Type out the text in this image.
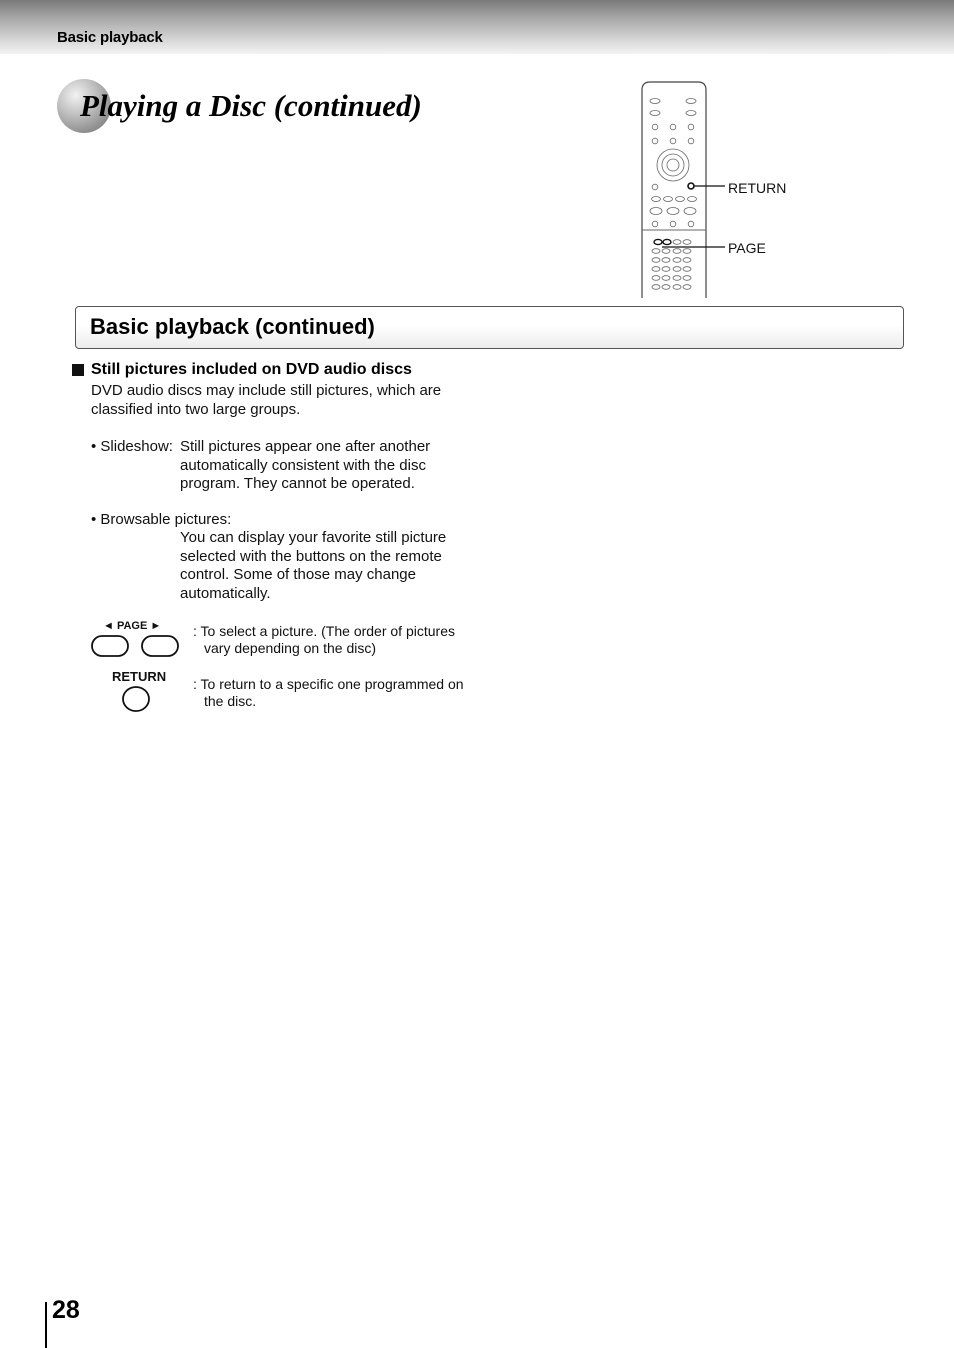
Basic playback
Playing a Disc (continued)
RETURN
PAGE
Basic playback (continued)
Still pictures included on DVD audio discs
DVD audio discs may include still pictures, which are
classified into two large groups.
• Slideshow: Still pictures appear one after another
automatically consistent with the disc
program. They cannot be operated.
• Browsable pictures:
You can display your favorite still picture
selected with the buttons on the remote
control. Some of those may change
automatically.
◄ PAGE ► : To select a picture. (The order of pictures
vary depending on the disc)
RETURN : To return to a specific one programmed on
the disc.
28
